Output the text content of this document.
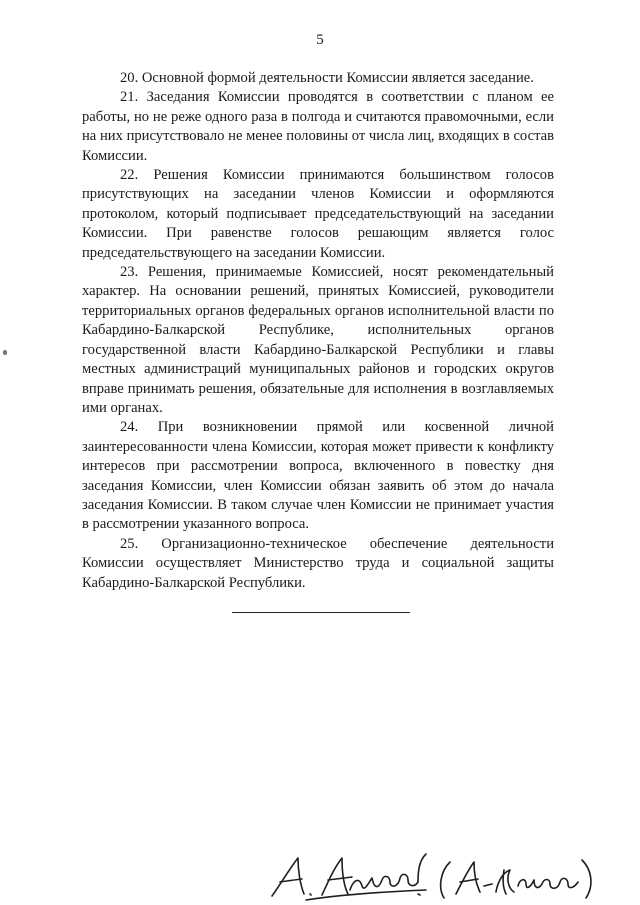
5

20. Основной формой деятельности Комиссии является заседание.

21. Заседания Комиссии проводятся в соответствии с планом ее работы, но не реже одного раза в полгода и считаются правомочными, если на них присутствовало не менее половины от числа лиц, входящих в состав Комиссии.

22. Решения Комиссии принимаются большинством голосов присутствующих на заседании членов Комиссии и оформляются протоколом, который подписывает председательствующий на заседании Комиссии. При равенстве голосов решающим является голос председательствующего на заседании Комиссии.

23. Решения, принимаемые Комиссией, носят рекомендательный характер. На основании решений, принятых Комиссией, руководители территориальных органов федеральных органов исполнительной власти по Кабардино-Балкарской Республике, исполнительных органов государственной власти Кабардино-Балкарской Республики и главы местных администраций муниципальных районов и городских округов вправе принимать решения, обязательные для исполнения в возглавляемых ими органах.

24. При возникновении прямой или косвенной личной заинтересованности члена Комиссии, которая может привести к конфликту интересов при рассмотрении вопроса, включенного в повестку дня заседания Комиссии, член Комиссии обязан заявить об этом до начала заседания Комиссии. В таком случае член Комиссии не принимает участия в рассмотрении указанного вопроса.

25. Организационно-техническое обеспечение деятельности Комиссии осуществляет Министерство труда и социальной защиты Кабардино-Балкарской Республики.
